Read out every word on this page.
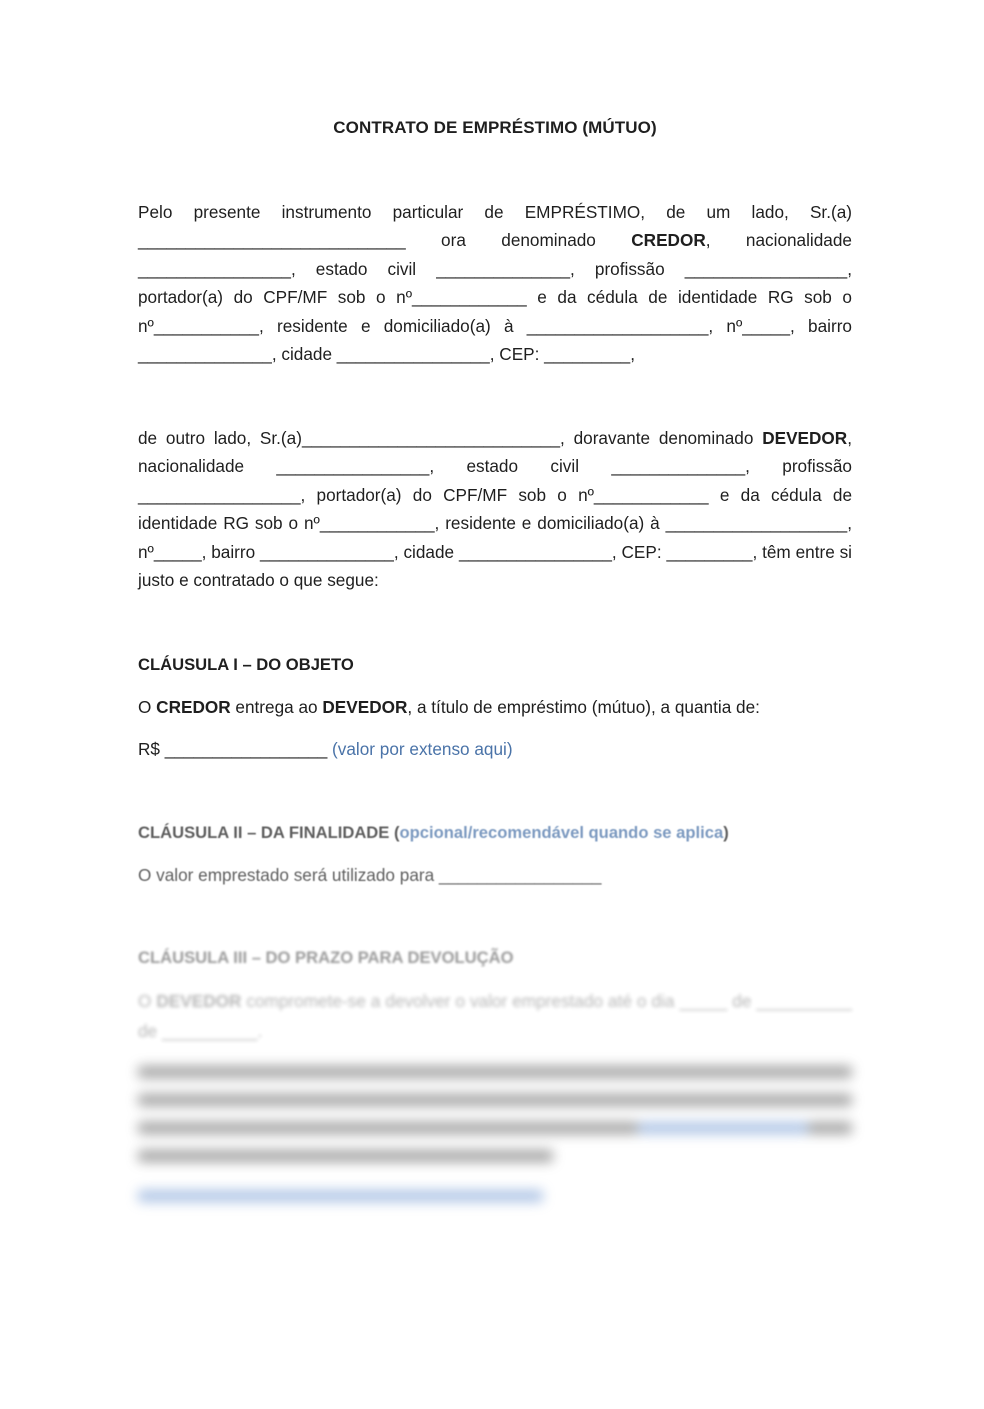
CONTRATO DE EMPRÉSTIMO (MÚTUO)
Pelo presente instrumento particular de EMPRÉSTIMO, de um lado, Sr.(a) ____________________________ ora denominado CREDOR, nacionalidade ________________, estado civil ______________, profissão _________________, portador(a) do CPF/MF sob o nº____________ e da cédula de identidade RG sob o nº___________, residente e domiciliado(a) à ___________________, nº_____, bairro ______________, cidade ________________, CEP: _________,
de outro lado, Sr.(a)___________________________, doravante denominado DEVEDOR, nacionalidade ________________, estado civil ______________, profissão _________________, portador(a) do CPF/MF sob o nº____________ e da cédula de identidade RG sob o nº____________, residente e domiciliado(a) à ___________________, nº_____, bairro ______________, cidade ________________, CEP: _________, têm entre si justo e contratado o que segue:
CLÁUSULA I – DO OBJETO
O CREDOR entrega ao DEVEDOR, a título de empréstimo (mútuo), a quantia de:
R$ _________________ (valor por extenso aqui)
CLÁUSULA II – DA FINALIDADE (opcional/recomendável quando se aplica)
O valor emprestado será utilizado para _________________
CLÁUSULA III – DO PRAZO PARA DEVOLUÇÃO
O DEVEDOR compromete-se a devolver o valor emprestado até o dia _____ de __________ de __________.
